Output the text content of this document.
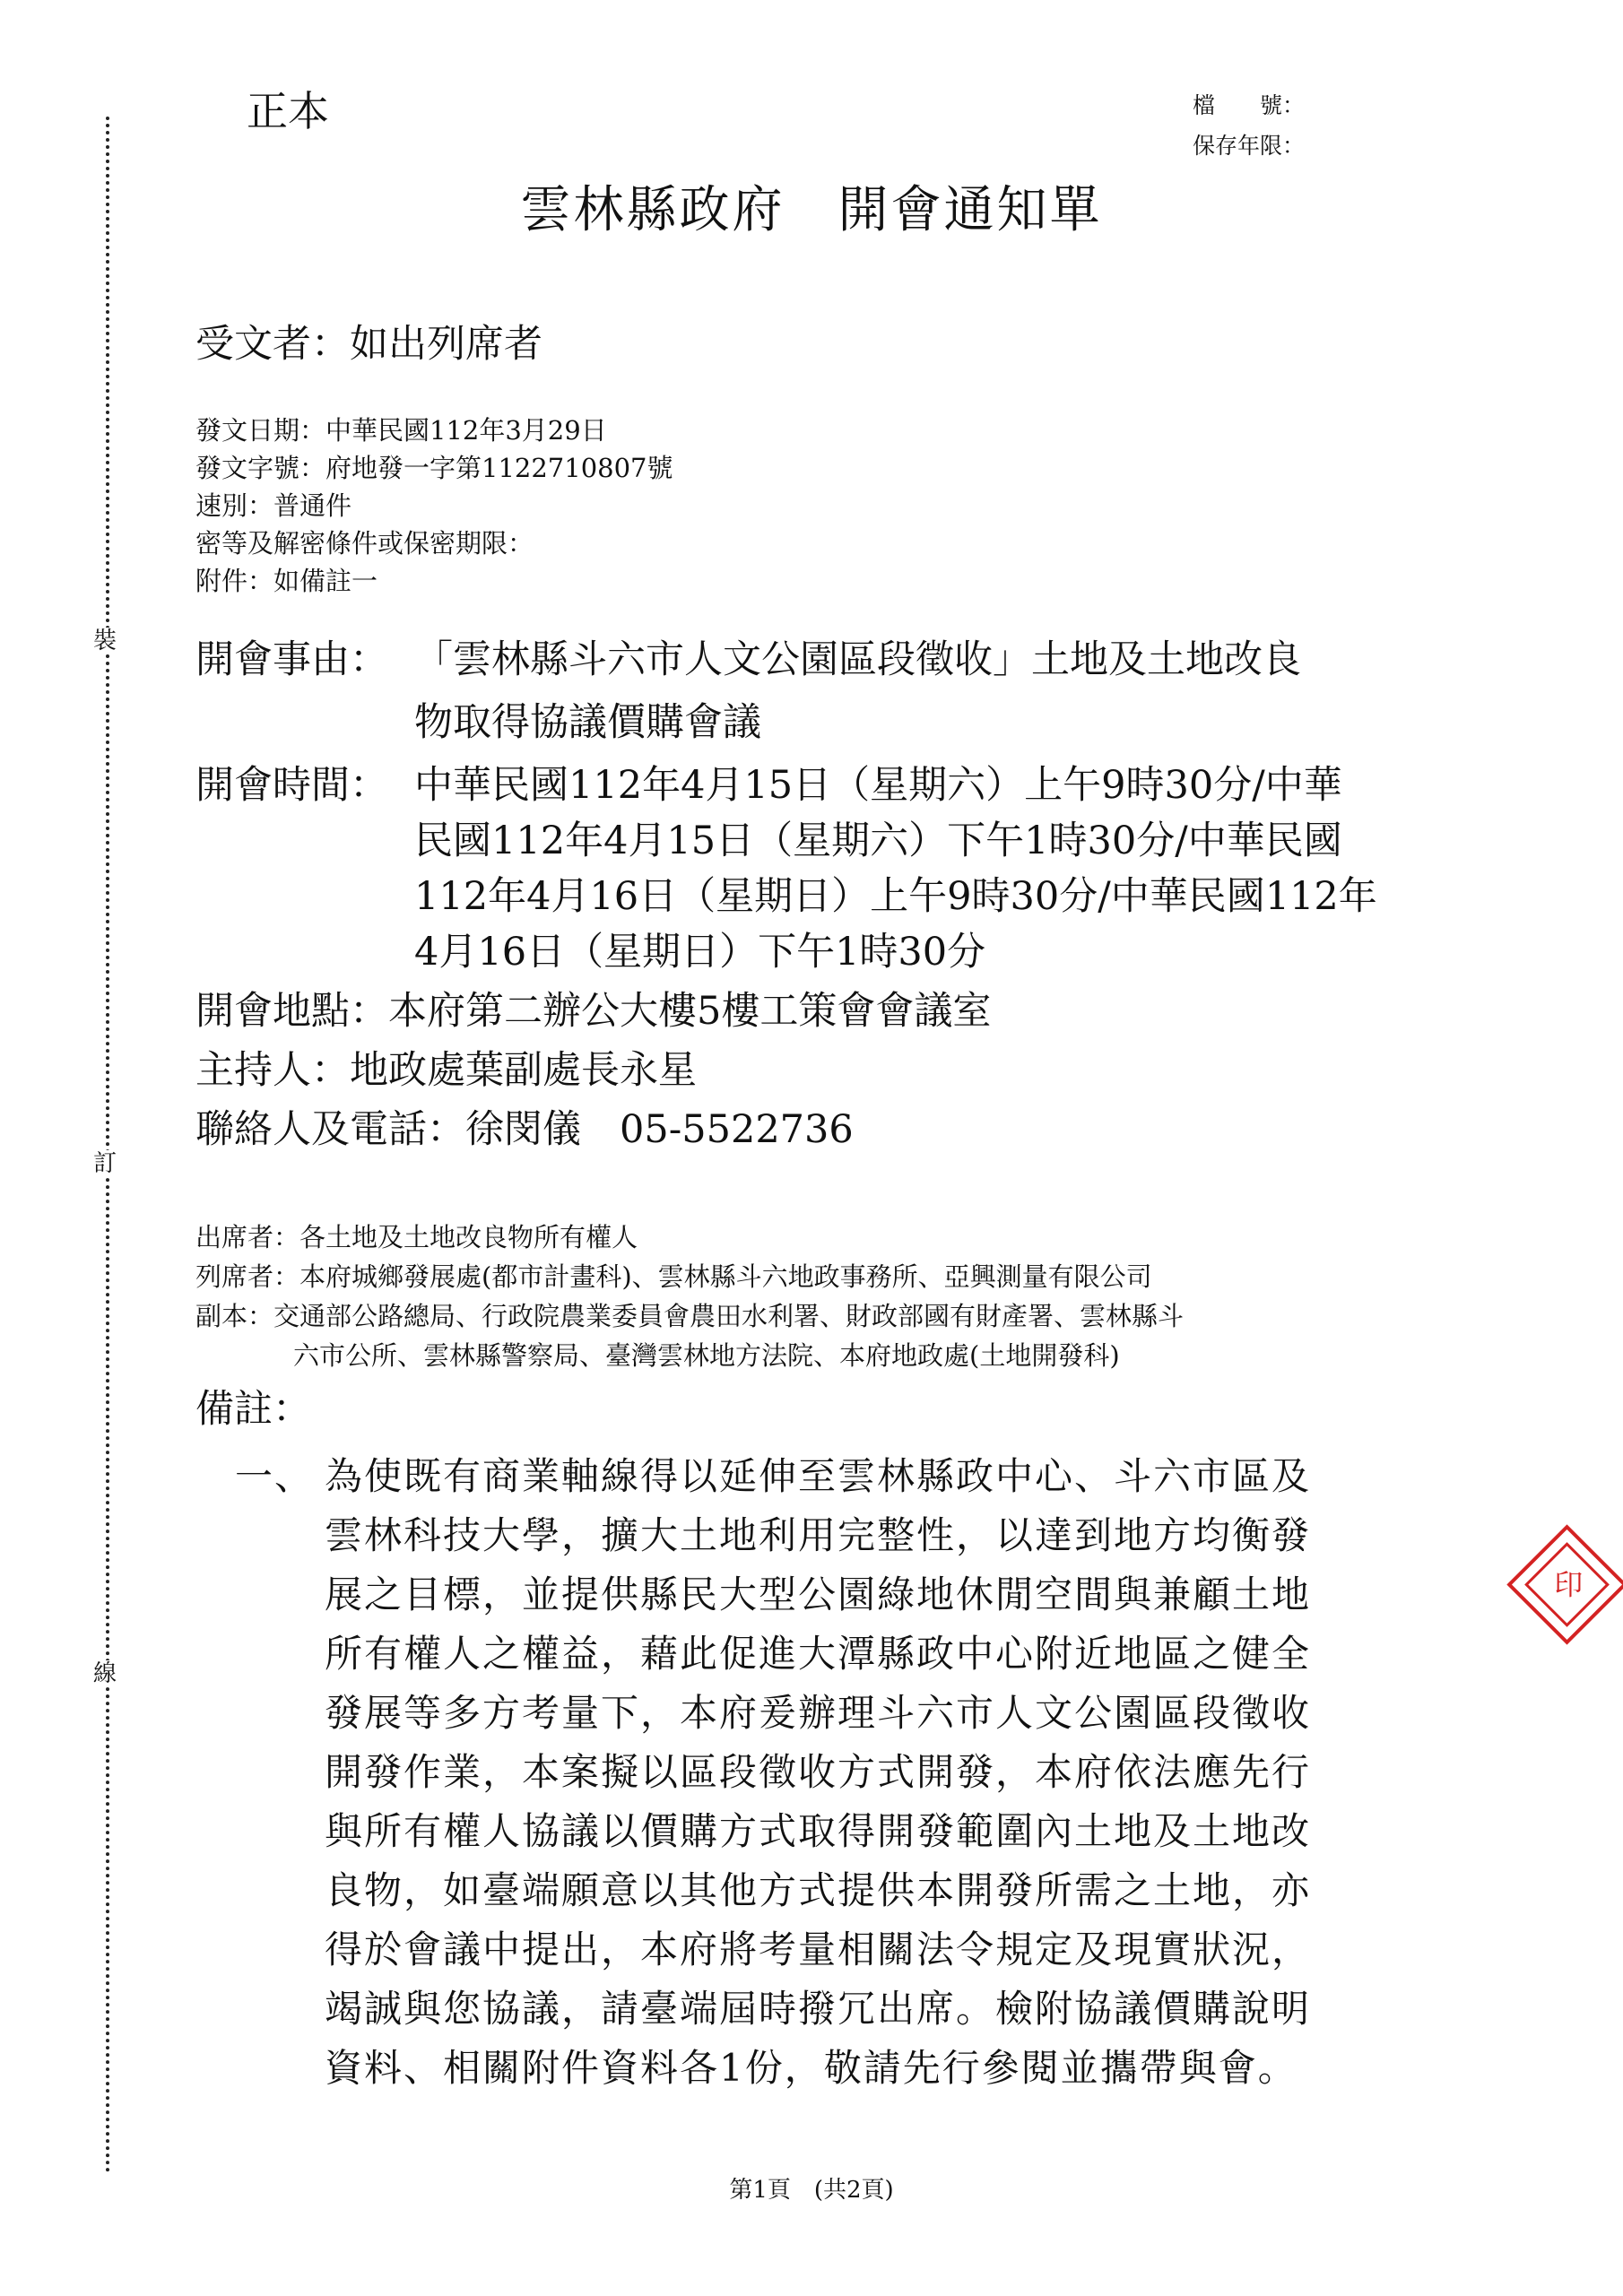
裝
訂
線
正本	檔　　號：
保存年限：
雲林縣政府　開會通知單
受文者：如出列席者
發文日期：中華民國112年3月29日
發文字號：府地發一字第1122710807號
速別：普通件
密等及解密條件或保密期限：
附件：如備註一
開會事由： 「雲林縣斗六市人文公園區段徵收」土地及土地改良
物取得協議價購會議
開會時間： 中華民國112年4月15日（星期六）上午9時30分/中華
民國112年4月15日（星期六）下午1時30分/中華民國
112年4月16日（星期日）上午9時30分/中華民國112年
4月16日（星期日）下午1時30分
開會地點：本府第二辦公大樓5樓工策會會議室
主持人：地政處葉副處長永星
聯絡人及電話：徐閔儀　05-5522736
出席者：各土地及土地改良物所有權人
列席者：本府城鄉發展處(都市計畫科)、雲林縣斗六地政事務所、亞興測量有限公司
副本：交通部公路總局、行政院農業委員會農田水利署、財政部國有財產署、雲林縣斗
六市公所、雲林縣警察局、臺灣雲林地方法院、本府地政處(土地開發科)
備註：
一、 為使既有商業軸線得以延伸至雲林縣政中心、斗六市區及
雲林科技大學，擴大土地利用完整性，以達到地方均衡發
展之目標，並提供縣民大型公園綠地休閒空間與兼顧土地
所有權人之權益，藉此促進大潭縣政中心附近地區之健全
發展等多方考量下，本府爰辦理斗六市人文公園區段徵收
開發作業，本案擬以區段徵收方式開發，本府依法應先行
與所有權人協議以價購方式取得開發範圍內土地及土地改
良物，如臺端願意以其他方式提供本開發所需之土地，亦
得於會議中提出，本府將考量相關法令規定及現實狀況，
竭誠與您協議，請臺端屆時撥冗出席。檢附協議價購說明
資料、相關附件資料各1份，敬請先行參閱並攜帶與會。
印
第1頁　(共2頁)
